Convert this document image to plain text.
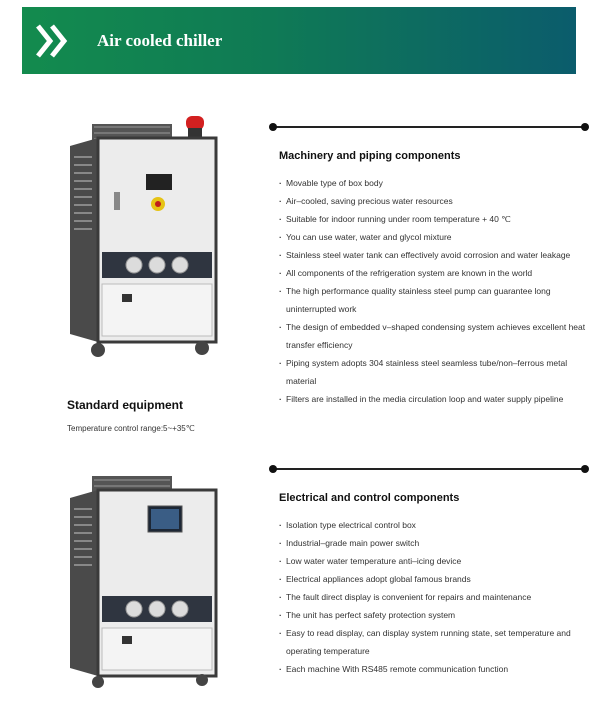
Air cooled chiller
Standard equipment
Temperature control range:5~+35℃
Machinery and piping components
· Movable type of box body
· Air–cooled, saving precious water resources
· Suitable for indoor running under room temperature + 40 ℃
· You can use water, water and glycol mixture
· Stainless steel water tank can effectively avoid corrosion and water leakage
· All components of the refrigeration system are known in the world
· The high performance quality stainless steel pump can guarantee long uninterrupted work
· The design of embedded v–shaped condensing system achieves excellent heat transfer efficiency
· Piping system adopts 304 stainless steel seamless tube/non–ferrous metal material
· Filters are installed in the media circulation loop and water supply pipeline
Electrical and control components
· Isolation type electrical control box
· Industrial–grade main power switch
· Low water water temperature anti–icing device
· Electrical appliances adopt global famous brands
· The fault direct display is convenient for repairs and maintenance
· The unit has perfect safety protection system
· Easy to read display, can display system running state, set temperature and operating temperature
· Each machine With RS485 remote communication function
